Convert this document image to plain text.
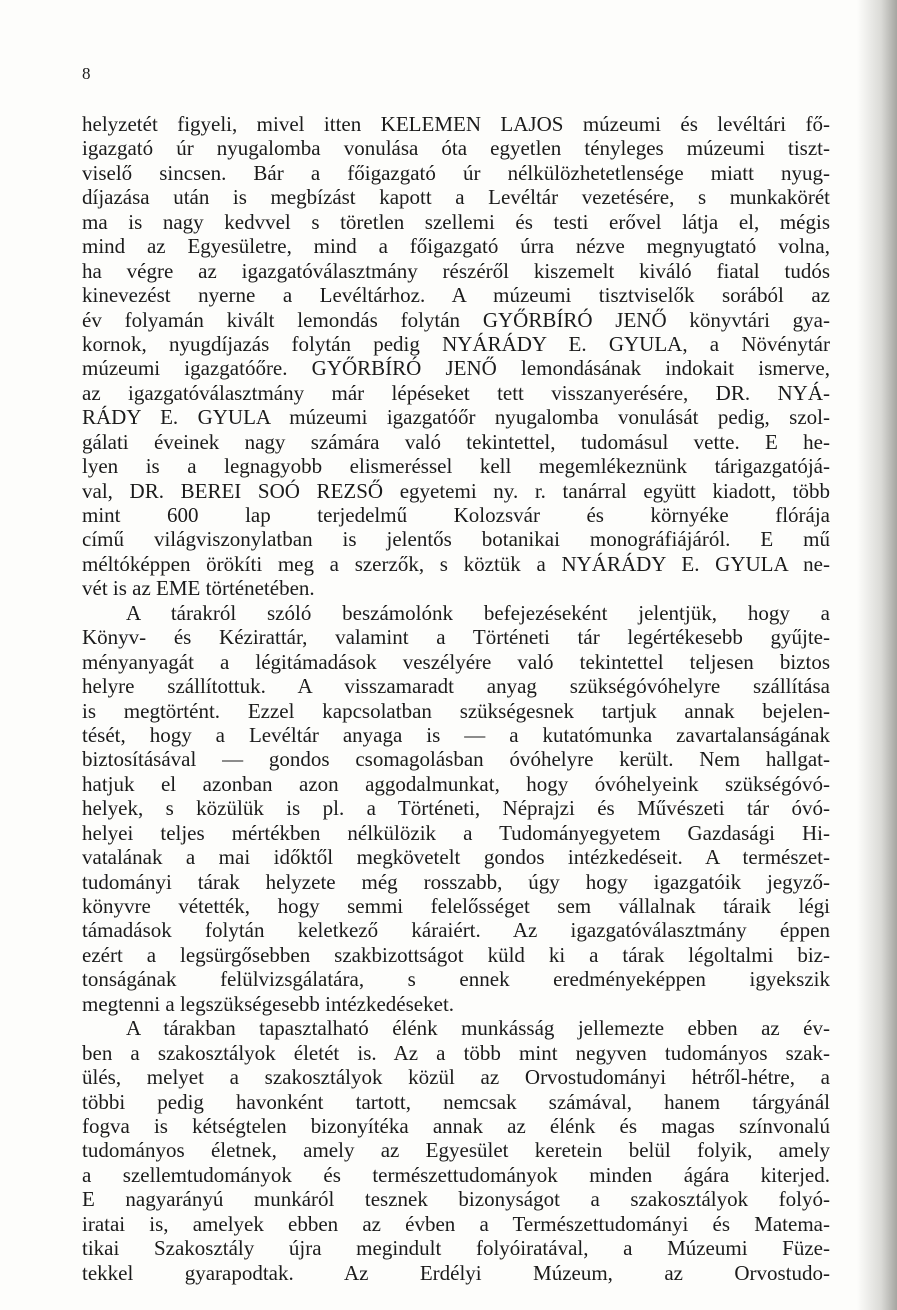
8
helyzetét figyeli, mivel itten KELEMEN LAJOS múzeumi és levéltári fő-
igazgató úr nyugalomba vonulása óta egyetlen tényleges múzeumi tiszt-
viselő sincsen. Bár a főigazgató úr nélkülözhetetlensége miatt nyug-
díjazása után is megbízást kapott a Levéltár vezetésére, s munkakörét
ma is nagy kedvvel s töretlen szellemi és testi erővel látja el, mégis
mind az Egyesületre, mind a főigazgató úrra nézve megnyugtató volna,
ha végre az igazgatóválasztmány részéről kiszemelt kiváló fiatal tudós
kinevezést nyerne a Levéltárhoz. A múzeumi tisztviselők sorából az
év folyamán kivált lemondás folytán GYŐRBÍRÓ JENŐ könyvtári gya-
kornok, nyugdíjazás folytán pedig NYÁRÁDY E. GYULA, a Növénytár
múzeumi igazgatóőre. GYŐRBÍRÓ JENŐ lemondásának indokait ismerve,
az igazgatóválasztmány már lépéseket tett visszanyerésére, DR. NYÁ-
RÁDY E. GYULA múzeumi igazgatóőr nyugalomba vonulását pedig, szol-
gálati éveinek nagy számára való tekintettel, tudomásul vette. E he-
lyen is a legnagyobb elismeréssel kell megemlékeznünk tárigazgatójá-
val, DR. BEREI SOÓ REZSŐ egyetemi ny. r. tanárral együtt kiadott, több
mint 600 lap terjedelmű Kolozsvár és környéke flórája
című világviszonylatban is jelentős botanikai monográfiájáról. E mű
méltóképpen örökíti meg a szerzők, s köztük a NYÁRÁDY E. GYULA ne-
vét is az EME történetében.
A tárakról szóló beszámolónk befejezéseként jelentjük, hogy a
Könyv- és Kézirattár, valamint a Történeti tár legértékesebb gyűjte-
ményanyagát a légitámadások veszélyére való tekintettel teljesen biztos
helyre szállítottuk. A visszamaradt anyag szükségóvóhelyre szállítása
is megtörtént. Ezzel kapcsolatban szükségesnek tartjuk annak bejelen-
tését, hogy a Levéltár anyaga is — a kutatómunka zavartalanságának
biztosításával — gondos csomagolásban óvóhelyre került. Nem hallgat-
hatjuk el azonban azon aggodalmunkat, hogy óvóhelyeink szükségóvó-
helyek, s közülük is pl. a Történeti, Néprajzi és Művészeti tár óvó-
helyei teljes mértékben nélkülözik a Tudományegyetem Gazdasági Hi-
vatalának a mai időktől megkövetelt gondos intézkedéseit. A természet-
tudományi tárak helyzete még rosszabb, úgy hogy igazgatóik jegyző-
könyvre vétették, hogy semmi felelősséget sem vállalnak táraik légi
támadások folytán keletkező káraiért. Az igazgatóválasztmány éppen
ezért a legsürgősebben szakbizottságot küld ki a tárak légoltalmi biz-
tonságának felülvizsgálatára, s ennek eredményeképpen igyekszik
megtenni a legszükségesebb intézkedéseket.
A tárakban tapasztalható élénk munkásság jellemezte ebben az év-
ben a szakosztályok életét is. Az a több mint negyven tudományos szak-
ülés, melyet a szakosztályok közül az Orvostudományi hétről-hétre, a
többi pedig havonként tartott, nemcsak számával, hanem tárgyánál
fogva is kétségtelen bizonyítéka annak az élénk és magas színvonalú
tudományos életnek, amely az Egyesület keretein belül folyik, amely
a szellemtudományok és természettudományok minden ágára kiterjed.
E nagyarányú munkáról tesznek bizonyságot a szakosztályok folyó-
iratai is, amelyek ebben az évben a Természettudományi és Matema-
tikai Szakosztály újra megindult folyóiratával, a Múzeumi Füze-
tekkel gyarapodtak. Az Erdélyi Múzeum, az Orvostudo-
